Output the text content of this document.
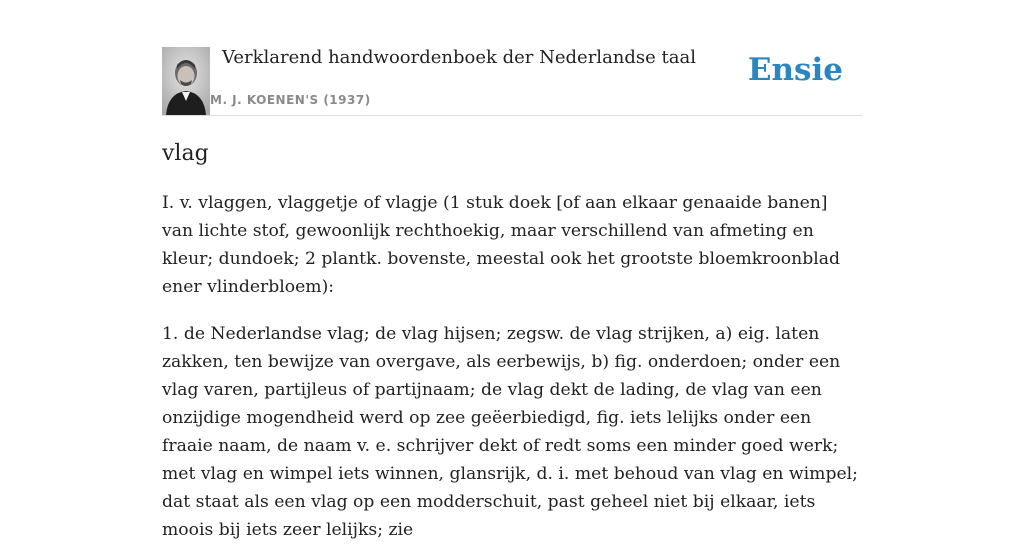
Verklarend handwoordenboek der Nederlandse taal
M. J. KOENEN'S (1937)
Ensie
vlag

I. v. vlaggen, vlaggetje of vlagje (1 stuk doek [of aan elkaar genaaide banen] van lichte stof, gewoonlijk rechthoekig, maar verschillend van afmeting en kleur; dundoek; 2 plantk. bovenste, meestal ook het grootste bloemkroonblad ener vlinderbloem):

1. de Nederlandse vlag; de vlag hijsen; zegsw. de vlag strijken, a) eig. laten zakken, ten bewijze van overgave, als eerbewijs, b) fig. onderdoen; onder een vlag varen, partijleus of partijnaam; de vlag dekt de lading, de vlag van een onzijdige mogendheid werd op zee geëerbiedigd, fig. iets lelijks onder een fraaie naam, de naam v. e. schrijver dekt of redt soms een minder goed werk; met vlag en wimpel iets winnen, glansrijk, d. i. met behoud van vlag en wimpel; dat staat als een vlag op een modderschuit, past geheel niet bij elkaar, iets moois bij iets zeer lelijks; zie
